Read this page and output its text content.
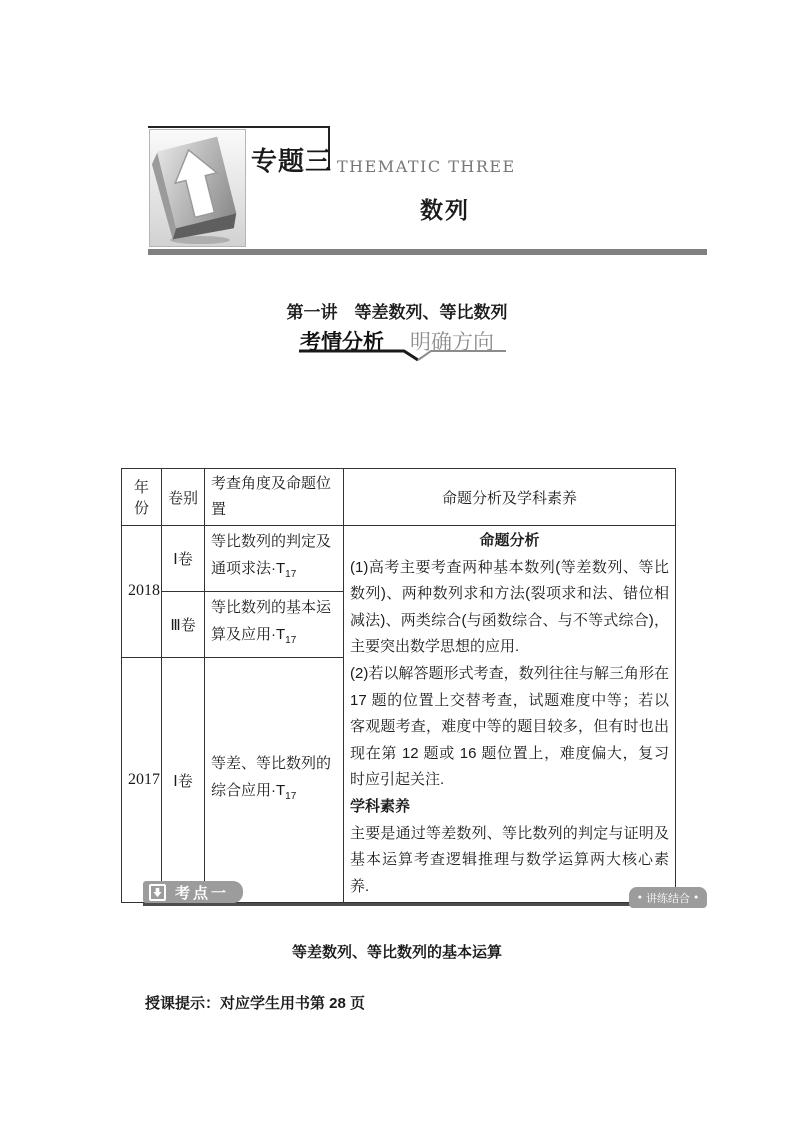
专题三 THEMATIC THREE
数列
第一讲　等差数列、等比数列
考情分析 明确方向
年份	卷别	考查角度及命题位置	命题分析及学科素养
2018	Ⅰ卷	等比数列的判定及通项求法$\cdot T_{17}$	命题分析

(1)高考主要考查两种基本数列(等差数列、等比数列)、两种数列求和方法(裂项求和法、错位相减法)、两类综合(与函数综合、与不等式综合)，主要突出数学思想的应用.

(2)若以解答题形式考查，数列往往与解三角形在 17 题的位置上交替考查，试题难度中等；若以客观题考查，难度中等的题目较多，但有时也出现在第 12 题或 16 题位置上，难度偏大，复习时应引起关注.

学科素养

主要是通过等差数列、等比数列的判定与证明及基本运算考查逻辑推理与数学运算两大核心素养.

	Ⅲ卷	等比数列的基本运算及应用$\cdot T_{17}$
2017	Ⅰ卷	等差、等比数列的综合应用$\cdot T_{17}$
考点一	● 讲练结合 ●
等差数列、等比数列的基本运算
授课提示：对应学生用书第 28 页
